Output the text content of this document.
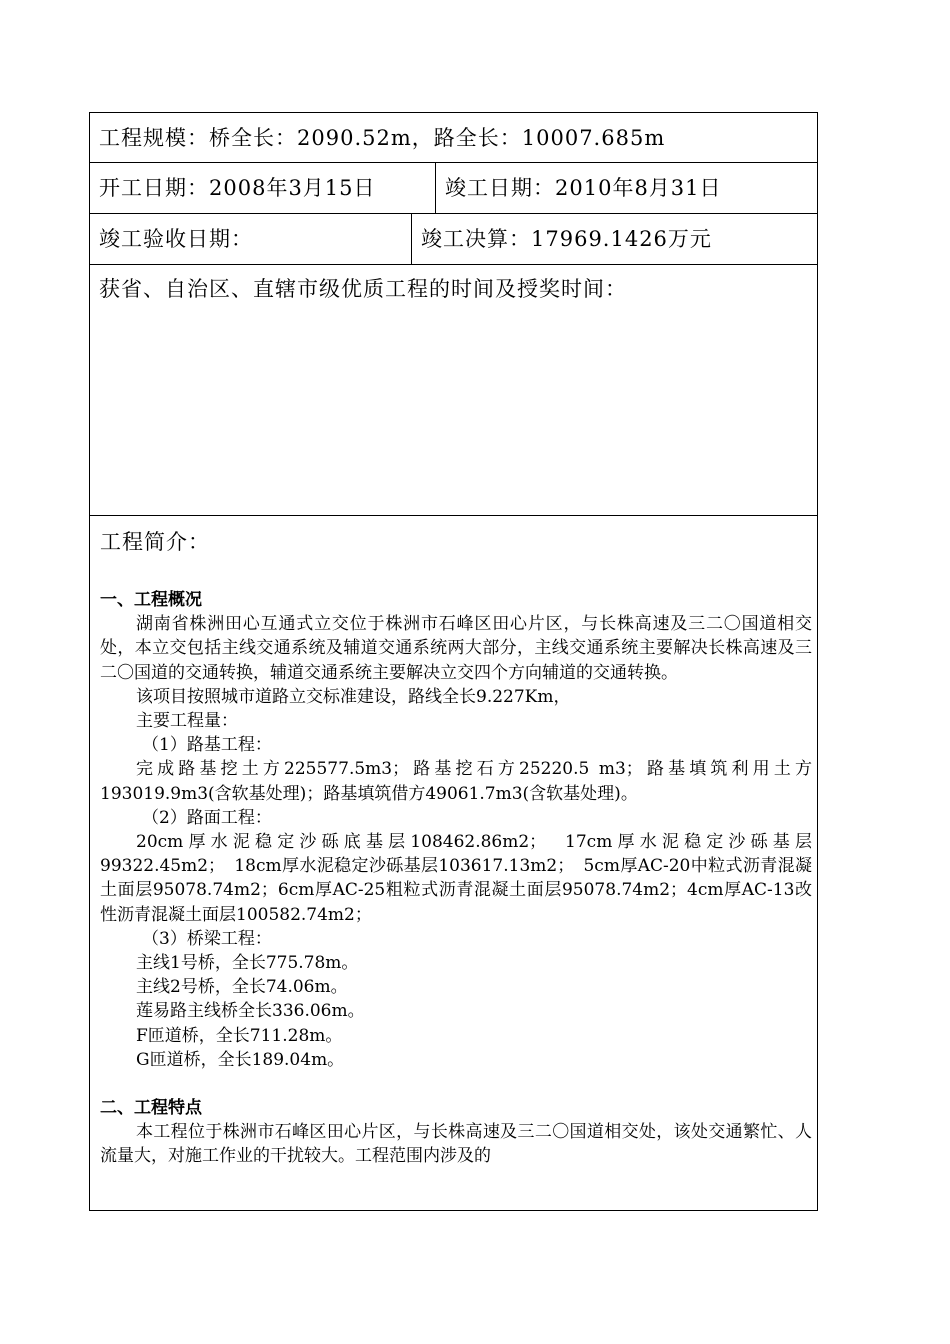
工程规模：桥全长：2090.52m，路全长：10007.685m
开工日期：2008年3月15日	竣工日期：2010年8月31日
竣工验收日期：	竣工决算：17969.1426万元
获省、自治区、直辖市级优质工程的时间及授奖时间：
工程简介：

一、工程概况

湖南省株洲田心互通式立交位于株洲市石峰区田心片区，与长株高速及三二〇国道相交处，本立交包括主线交通系统及辅道交通系统两大部分，主线交通系统主要解决长株高速及三二〇国道的交通转换，辅道交通系统主要解决立交四个方向辅道的交通转换。

该项目按照城市道路立交标准建设，路线全长9.227Km，

主要工程量：

（1）路基工程：

完成路基挖土方225577.5m3；路基挖石方25220.5 m3；路基填筑利用土方193019.9m3(含软基处理)；路基填筑借方49061.7m3(含软基处理)。

（2）路面工程：

20cm厚水泥稳定沙砾底基层108462.86m2；　17cm厚水泥稳定沙砾基层99322.45m2；　18cm厚水泥稳定沙砾基层103617.13m2；　5cm厚AC-20中粒式沥青混凝土面层95078.74m2；6cm厚AC-25粗粒式沥青混凝土面层95078.74m2；4cm厚AC-13改性沥青混凝土面层100582.74m2；

（3）桥梁工程：

主线1号桥，全长775.78m。

主线2号桥，全长74.06m。

莲易路主线桥全长336.06m。

F匝道桥，全长711.28m。

G匝道桥，全长189.04m。

二、工程特点

本工程位于株洲市石峰区田心片区，与长株高速及三二〇国道相交处，该处交通繁忙、人流量大，对施工作业的干扰较大。工程范围内涉及的
